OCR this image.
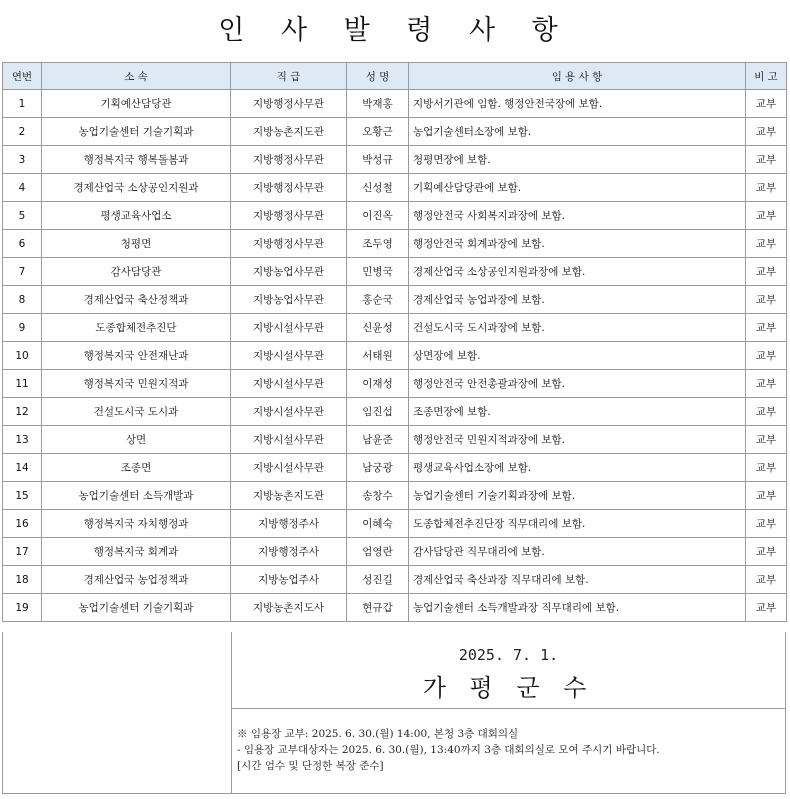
인 사 발 령 사 항
연번	소 속	직 급	성 명	임 용 사 항	비 고
1	기획예산담당관	지방행정사무관	박재홍	지방서기관에 임함. 행정안전국장에 보함.	교부
2	농업기술센터 기술기획과	지방농촌지도관	오황근	농업기술센터소장에 보함.	교부
3	행정복지국 행복돌봄과	지방행정사무관	박성규	청평면장에 보함.	교부
4	경제산업국 소상공인지원과	지방행정사무관	신성철	기획예산담당관에 보함.	교부
5	평생교육사업소	지방행정사무관	이진옥	행정안전국 사회복지과장에 보함.	교부
6	청평면	지방행정사무관	조두영	행정안전국 회계과장에 보함.	교부
7	감사담당관	지방농업사무관	민병국	경제산업국 소상공인지원과장에 보함.	교부
8	경제산업국 축산정책과	지방농업사무관	홍순국	경제산업국 농업과장에 보함.	교부
9	도종합체전추진단	지방시설사무관	신윤성	건설도시국 도시과장에 보함.	교부
10	행정복지국 안전재난과	지방시설사무관	서태원	상면장에 보함.	교부
11	행정복지국 민원지적과	지방시설사무관	이재성	행정안전국 안전총괄과장에 보함.	교부
12	건설도시국 도시과	지방시설사무관	임진섭	조종면장에 보함.	교부
13	상면	지방시설사무관	남윤준	행정안전국 민원지적과장에 보함.	교부
14	조종면	지방시설사무관	남궁광	평생교육사업소장에 보함.	교부
15	농업기술센터 소득개발과	지방농촌지도관	송창수	농업기술센터 기술기획과장에 보함.	교부
16	행정복지국 자치행정과	지방행정주사	이혜숙	도종합체전추진단장 직무대리에 보함.	교부
17	행정복지국 회계과	지방행정주사	엄영란	감사담당관 직무대리에 보함.	교부
18	경제산업국 농업정책과	지방농업주사	성진길	경제산업국 축산과장 직무대리에 보함.	교부
19	농업기술센터 기술기획과	지방농촌지도사	현규갑	농업기술센터 소득개발과장 직무대리에 보함.	교부
2025. 7. 1.
가 평 군 수
※ 임용장 교부: 2025. 6. 30.(월) 14:00, 본청 3층 대회의실
- 임용장 교부대상자는 2025. 6. 30.(월), 13:40까지 3층 대회의실로 모여 주시기 바랍니다.
[시간 엄수 및 단정한 복장 준수]
